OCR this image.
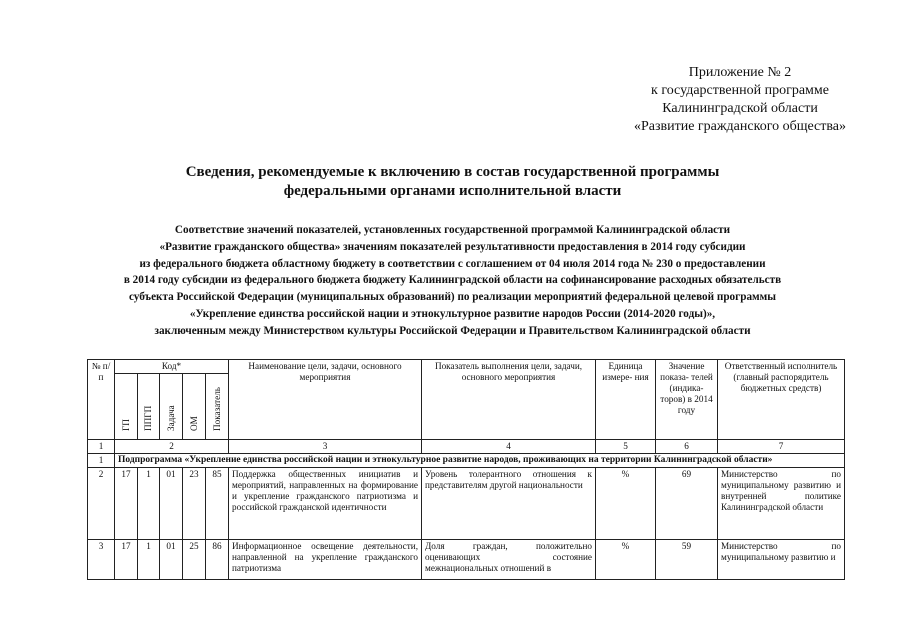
Приложение № 2
к государственной программе
Калининградской области
«Развитие гражданского общества»
Сведения, рекомендуемые к включению в состав государственной программы
федеральными органами исполнительной власти
Соответствие значений показателей, установленных государственной программой Калининградской области
«Развитие гражданского общества» значениям показателей результативности предоставления в 2014 году субсидии
из федерального бюджета областному бюджету в соответствии с соглашением от 04 июля 2014 года № 230 о предоставлении
в 2014 году субсидии из федерального бюджета бюджету Калининградской области на софинансирование расходных обязательств
субъекта Российской Федерации (муниципальных образований) по реализации мероприятий федеральной целевой программы
«Укрепление единства российской нации и этнокультурное развитие народов России (2014-2020 годы)»,
заключенным между Министерством культуры Российской Федерации и Правительством Калининградской области
№ п/п	Код*					Наименование цели, задачи, основного мероприятия	Показатель выполнения цели, задачи, основного мероприятия	Единица измере- ния	Значение показа- телей (индика- торов) в 2014 году	Ответственный исполнитель (главный распорядитель бюджетных средств)

	ГП	ППГП	Задача	ОМ	Показатель					

1	2					3	4	5	6	7
1	Подпрограмма «Укрепление единства российской нации и этнокультурное развитие народов, проживающих на территории Калининградской области»									
2	17	1	01	23	85	Поддержка общественных инициатив и мероприятий, направленных на формирование и укрепление гражданского патриотизма и российской гражданской идентичности	Уровень толерантного отношения к представителям другой национальности	%	69	Министерство по муниципальному развитию и внутренней политике Калининградской области
3	17	1	01	25	86	Информационное освещение деятельности, направленной на укрепление гражданского патриотизма	Доля граждан, положительно оценивающих состояние межнациональных отношений в	%	59	Министерство по муниципальному развитию и
